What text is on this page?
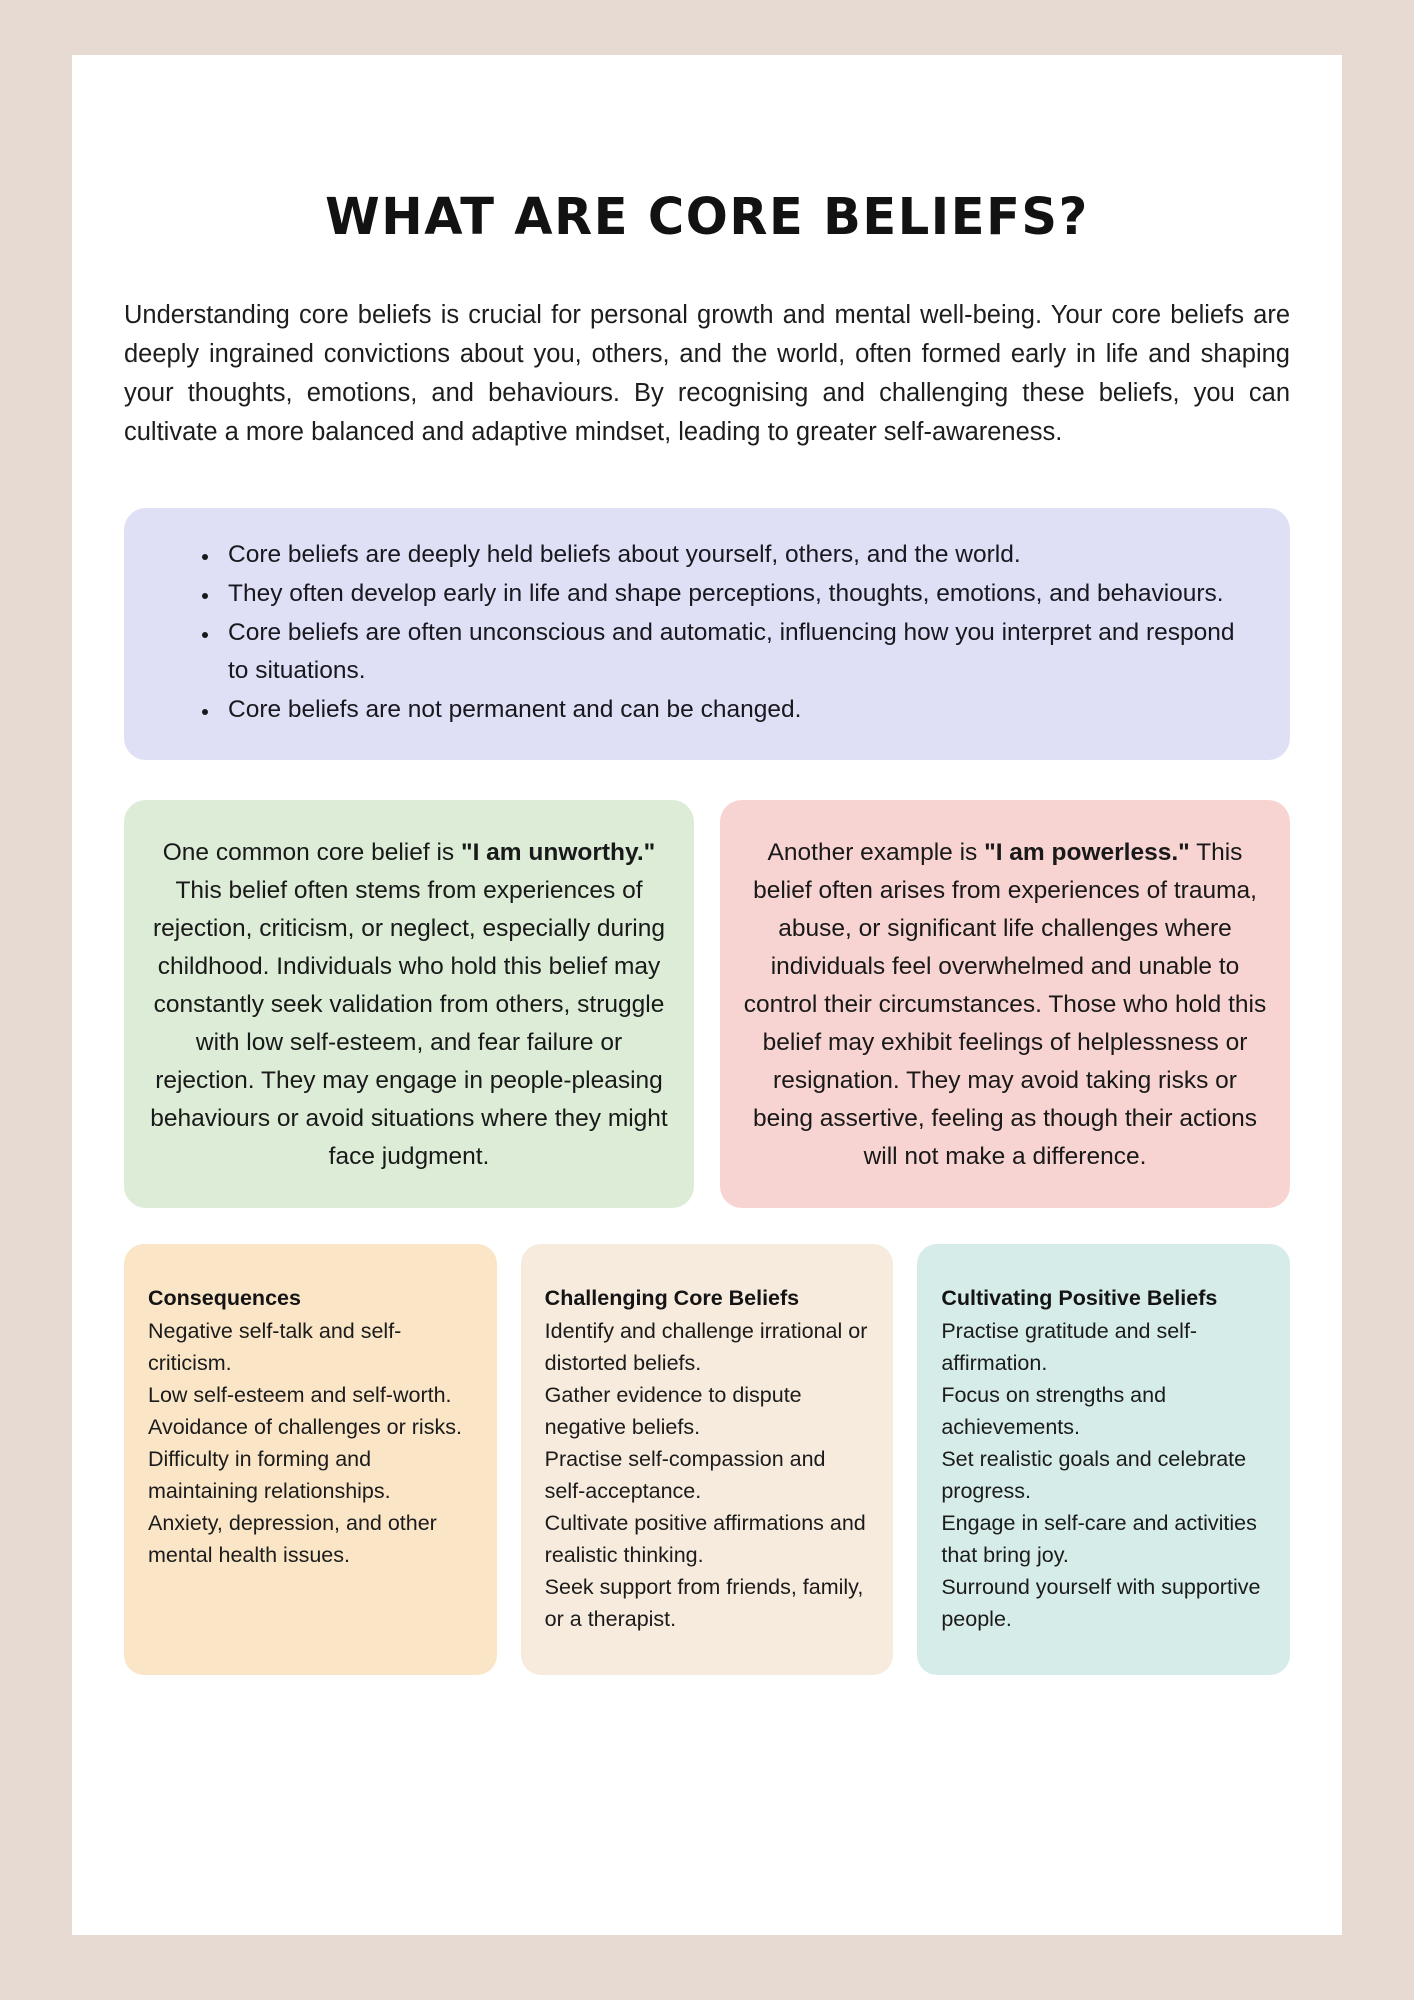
WHAT ARE CORE BELIEFS?

Understanding core beliefs is crucial for personal growth and mental well-being. Your core beliefs are deeply ingrained convictions about you, others, and the world, often formed early in life and shaping your thoughts, emotions, and behaviours. By recognising and challenging these beliefs, you can cultivate a more balanced and adaptive mindset, leading to greater self-awareness.

• Core beliefs are deeply held beliefs about yourself, others, and the world.
• They often develop early in life and shape perceptions, thoughts, emotions, and behaviours.
• Core beliefs are often unconscious and automatic, influencing how you interpret and respond to situations.
• Core beliefs are not permanent and can be changed.
One common core belief is "I am unworthy." This belief often stems from experiences of rejection, criticism, or neglect, especially during childhood. Individuals who hold this belief may constantly seek validation from others, struggle with low self-esteem, and fear failure or rejection. They may engage in people-pleasing behaviours or avoid situations where they might face judgment.
Another example is "I am powerless." This belief often arises from experiences of trauma, abuse, or significant life challenges where individuals feel overwhelmed and unable to control their circumstances. Those who hold this belief may exhibit feelings of helplessness or resignation. They may avoid taking risks or being assertive, feeling as though their actions will not make a difference.

Consequences

Negative self-talk and self-criticism.

Low self-esteem and self-worth.

Avoidance of challenges or risks.

Difficulty in forming and maintaining relationships.

Anxiety, depression, and other mental health issues.

Challenging Core Beliefs

Identify and challenge irrational or distorted beliefs.

Gather evidence to dispute negative beliefs.

Practise self-compassion and self-acceptance.

Cultivate positive affirmations and realistic thinking.

Seek support from friends, family, or a therapist.

Cultivating Positive Beliefs

Practise gratitude and self-affirmation.

Focus on strengths and achievements.

Set realistic goals and celebrate progress.

Engage in self-care and activities that bring joy.

Surround yourself with supportive people.
